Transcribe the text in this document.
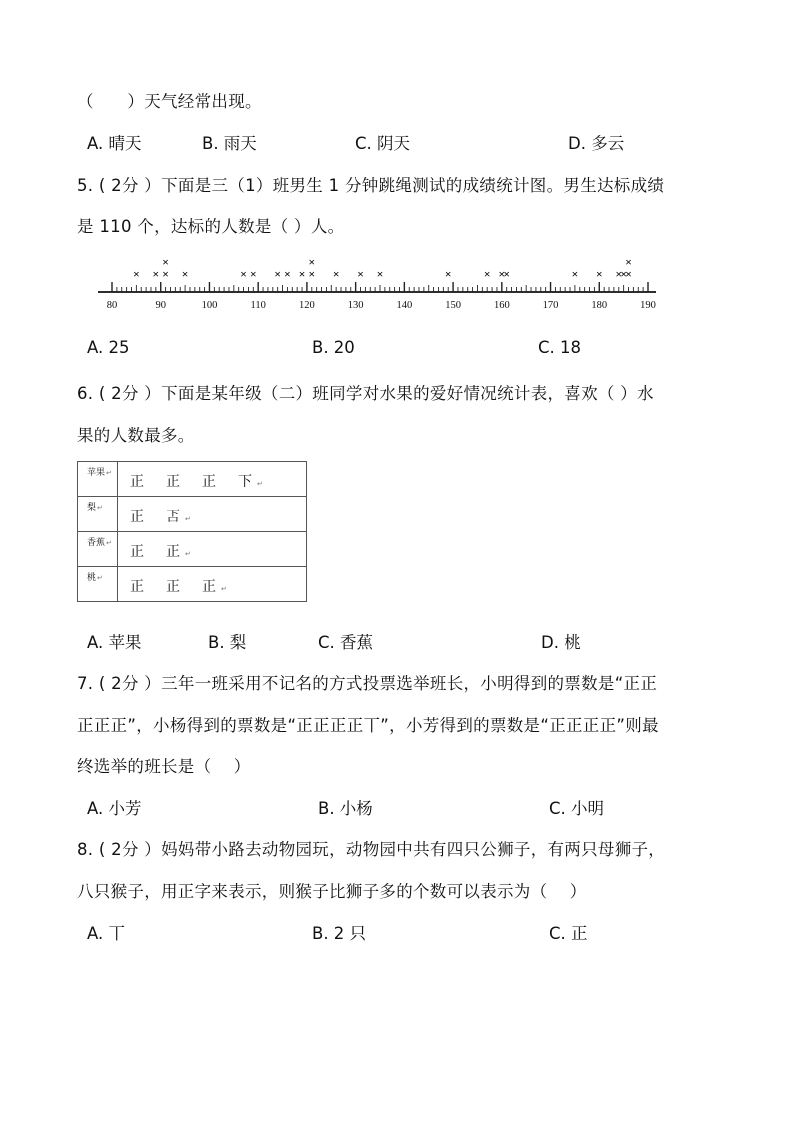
（　　）天气经常出现。
A. 晴天	B. 雨天	C. 阴天	D. 多云
5. ( 2分 ）下面是三（1）班男生 1 分钟跳绳测试的成绩统计图。男生达标成绩
是 110 个，达标的人数是（ ）人。
80	90	100	110	120	130	140	150	160	170	180	190
× × ×
×
×	× × × × × ×
×
× × ×	×	× ×
×	× × ×
×
×
×
A. 25	B. 20	C. 18
6. ( 2分 ）下面是某年级（二）班同学对水果的爱好情况统计表，喜欢（ ）水
果的人数最多。
苹果↵	正 正 正 下 ↵
梨↵	正 𠮴 ↵
香蕉↵	正 正 ↵
桃↵	正 正 正 ↵
A. 苹果	B. 梨	C. 香蕉	D. 桃
7. ( 2分 ）三年一班采用不记名的方式投票选举班长，小明得到的票数是“正正
正正正”，小杨得到的票数是“正正正正丅”，小芳得到的票数是“正正正正”则最
终选举的班长是（　 ）
A. 小芳	B. 小杨	C. 小明
8. ( 2分 ）妈妈带小路去动物园玩，动物园中共有四只公狮子，有两只母狮子，
八只猴子，用正字来表示，则猴子比狮子多的个数可以表示为（　 ）
A. 丅	B. 2 只	C. 正
